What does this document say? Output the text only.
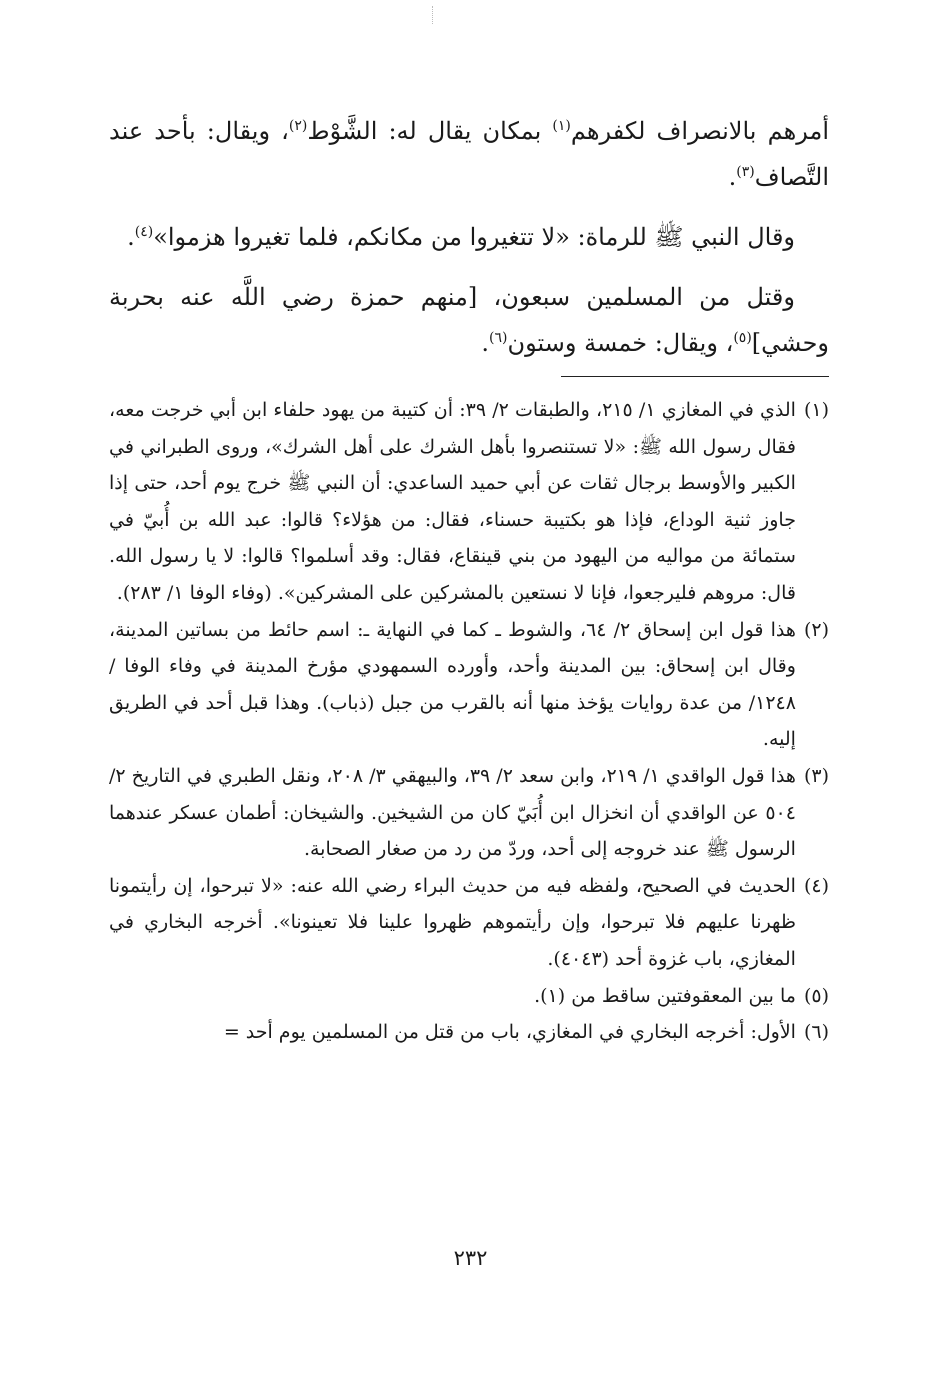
أمرهم بالانصراف لكفرهم$^{(١)}$ بمكان يقال له: الشَّوْط$^{(٢)}$، ويقال: بأحد عند التَّصاف$^{(٣)}$.

وقال النبي ﷺ للرماة: «لا تتغيروا من مكانكم، فلما تغيروا هزموا»$^{(٤)}$.

وقتل من المسلمين سبعون، [منهم حمزة رضي اللَّه عنه بحربة وحشي]$^{(٥)}$، ويقال: خمسة وستون$^{(٦)}$.

(١)
الذي في المغازي ١/ ٢١٥، والطبقات ٢/ ٣٩: أن كتيبة من يهود حلفاء ابن أبي خرجت معه، فقال رسول الله ﷺ: «لا تستنصروا بأهل الشرك على أهل الشرك»، وروى الطبراني في الكبير والأوسط برجال ثقات عن أبي حميد الساعدي: أن النبي ﷺ خرج يوم أحد، حتى إذا جاوز ثنية الوداع، فإذا هو بكتيبة حسناء، فقال: من هؤلاء؟ قالوا: عبد الله بن أُبيّ في ستمائة من مواليه من اليهود من بني قينقاع، فقال: وقد أسلموا؟ قالوا: لا يا رسول الله. قال: مروهم فليرجعوا، فإنا لا نستعين بالمشركين على المشركين». (وفاء الوفا ١/ ٢٨٣).
(٢)
هذا قول ابن إسحاق ٢/ ٦٤، والشوط ـ كما في النهاية ـ: اسم حائط من بساتين المدينة، وقال ابن إسحاق: بين المدينة وأحد، وأورده السمهودي مؤرخ المدينة في وفاء الوفا /١٢٤٨/ من عدة روايات يؤخذ منها أنه بالقرب من جبل (ذباب). وهذا قبل أحد في الطريق إليه.
(٣)
هذا قول الواقدي ١/ ٢١٩، وابن سعد ٢/ ٣٩، والبيهقي ٣/ ٢٠٨، ونقل الطبري في التاريخ ٢/ ٥٠٤ عن الواقدي أن انخزال ابن أُبَيّ كان من الشيخين. والشيخان: أطمان عسكر عندهما الرسول ﷺ عند خروجه إلى أحد، وردّ من رد من صغار الصحابة.
(٤)
الحديث في الصحيح، ولفظه فيه من حديث البراء رضي الله عنه: «لا تبرحوا، إن رأيتمونا ظهرنا عليهم فلا تبرحوا، وإن رأيتموهم ظهروا علينا فلا تعينونا». أخرجه البخاري في المغازي، باب غزوة أحد (٤٠٤٣).
(٥)
ما بين المعقوفتين ساقط من (١).
(٦)
الأول: أخرجه البخاري في المغازي، باب من قتل من المسلمين يوم أحد =
٢٣٢
